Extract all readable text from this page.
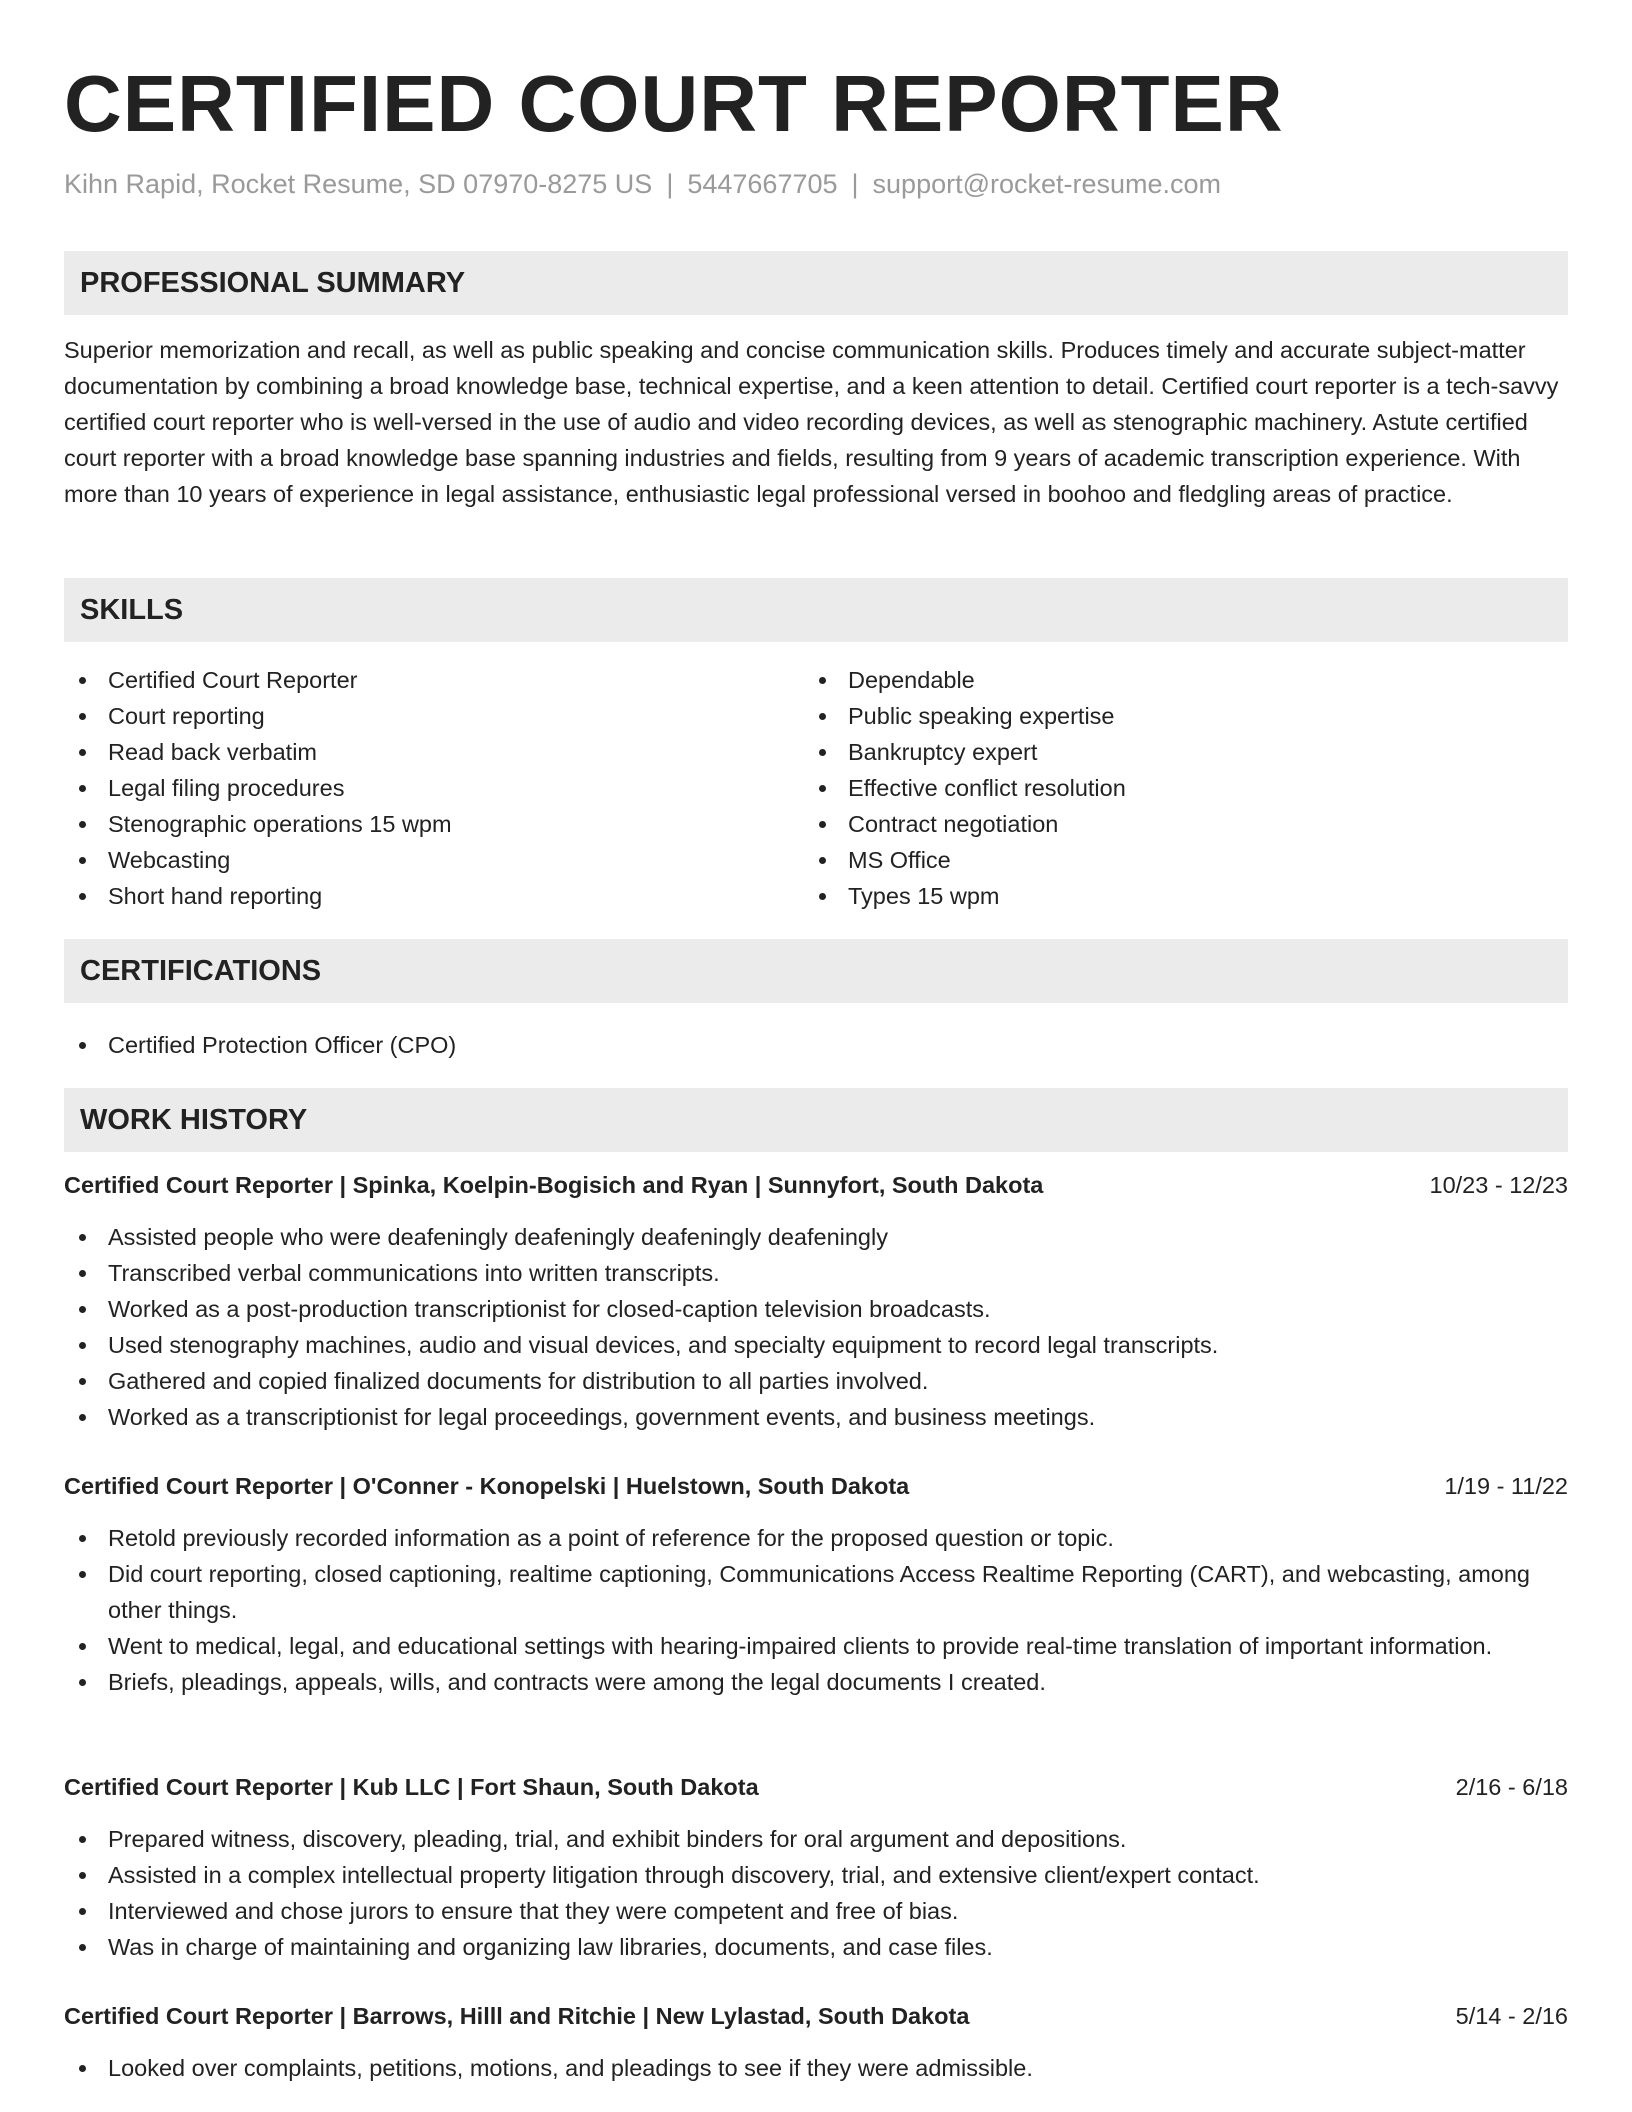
CERTIFIED COURT REPORTER
Kihn Rapid, Rocket Resume, SD 07970-8275 US | 5447667705 | support@rocket-resume.com
PROFESSIONAL SUMMARY
Superior memorization and recall, as well as public speaking and concise communication skills. Produces timely and accurate subject-matter documentation by combining a broad knowledge base, technical expertise, and a keen attention to detail. Certified court reporter is a tech-savvy certified court reporter who is well-versed in the use of audio and video recording devices, as well as stenographic machinery. Astute certified court reporter with a broad knowledge base spanning industries and fields, resulting from 9 years of academic transcription experience. With more than 10 years of experience in legal assistance, enthusiastic legal professional versed in boohoo and fledgling areas of practice.
SKILLS
Certified Court Reporter
Court reporting
Read back verbatim
Legal filing procedures
Stenographic operations 15 wpm
Webcasting
Short hand reporting
Dependable
Public speaking expertise
Bankruptcy expert
Effective conflict resolution
Contract negotiation
MS Office
Types 15 wpm
CERTIFICATIONS
Certified Protection Officer (CPO)
WORK HISTORY
Certified Court Reporter | Spinka, Koelpin-Bogisich and Ryan | Sunnyfort, South Dakota	10/23 - 12/23
Assisted people who were deafeningly deafeningly deafeningly deafeningly
Transcribed verbal communications into written transcripts.
Worked as a post-production transcriptionist for closed-caption television broadcasts.
Used stenography machines, audio and visual devices, and specialty equipment to record legal transcripts.
Gathered and copied finalized documents for distribution to all parties involved.
Worked as a transcriptionist for legal proceedings, government events, and business meetings.
Certified Court Reporter | O'Conner - Konopelski | Huelstown, South Dakota	1/19 - 11/22
Retold previously recorded information as a point of reference for the proposed question or topic.
Did court reporting, closed captioning, realtime captioning, Communications Access Realtime Reporting (CART), and webcasting, among other things.
Went to medical, legal, and educational settings with hearing-impaired clients to provide real-time translation of important information.
Briefs, pleadings, appeals, wills, and contracts were among the legal documents I created.
Certified Court Reporter | Kub LLC | Fort Shaun, South Dakota	2/16 - 6/18
Prepared witness, discovery, pleading, trial, and exhibit binders for oral argument and depositions.
Assisted in a complex intellectual property litigation through discovery, trial, and extensive client/expert contact.
Interviewed and chose jurors to ensure that they were competent and free of bias.
Was in charge of maintaining and organizing law libraries, documents, and case files.
Certified Court Reporter | Barrows, Hilll and Ritchie | New Lylastad, South Dakota	5/14 - 2/16
Looked over complaints, petitions, motions, and pleadings to see if they were admissible.
